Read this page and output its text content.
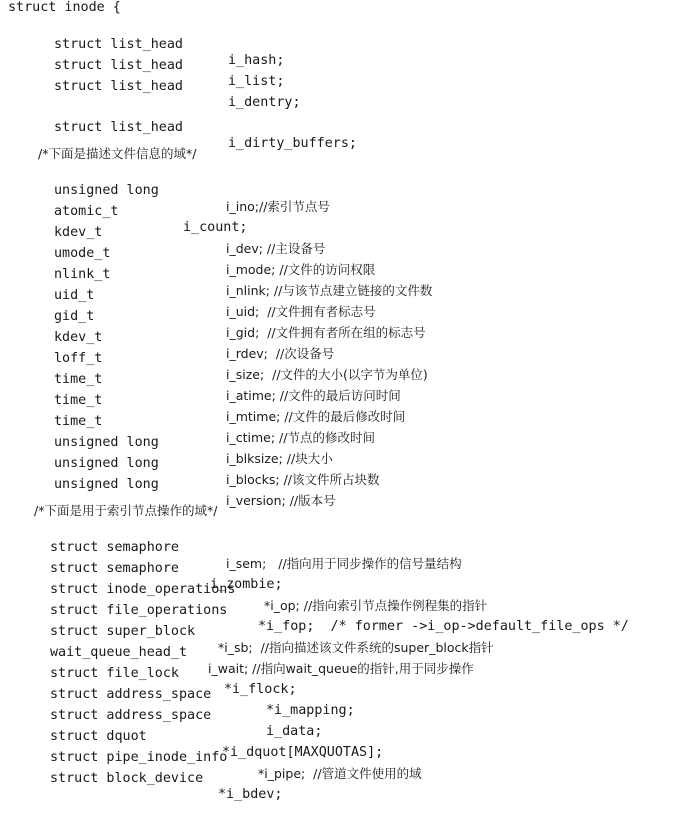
struct inode {

struct list_head

i_hash;

struct list_head

i_list;

struct list_head

i_dentry;

struct list_head

i_dirty_buffers;

/*下面是描述文件信息的域*/

unsigned long

i_ino;//索引节点号

atomic_t

i_count;

kdev_t

i_dev; //主设备号

umode_t

i_mode; //文件的访问权限

nlink_t

i_nlink; //与该节点建立链接的文件数

uid_t

i_uid;  //文件拥有者标志号

gid_t

i_gid;  //文件拥有者所在组的标志号

kdev_t

i_rdev;  //次设备号

loff_t

i_size;  //文件的大小(以字节为单位)

time_t

i_atime; //文件的最后访问时间

time_t

i_mtime; //文件的最后修改时间

time_t

i_ctime; //节点的修改时间

unsigned long

i_blksize; //块大小

unsigned long

i_blocks; //该文件所占块数

unsigned long

i_version; //版本号

/*下面是用于索引节点操作的域*/

struct semaphore

i_sem;   //指向用于同步操作的信号量结构

struct semaphore

i_zombie;

struct inode_operations

*i_op; //指向索引节点操作例程集的指针

struct file_operations

*i_fop;  /* former ->i_op->default_file_ops */

struct super_block

*i_sb;  //指向描述该文件系统的super_block指针

wait_queue_head_t

i_wait; //指向wait_queue的指针,用于同步操作

struct file_lock

*i_flock;

struct address_space

*i_mapping;

struct address_space

i_data;

struct dquot

*i_dquot[MAXQUOTAS];

struct pipe_inode_info

*i_pipe;  //管道文件使用的域

struct block_device

*i_bdev;
